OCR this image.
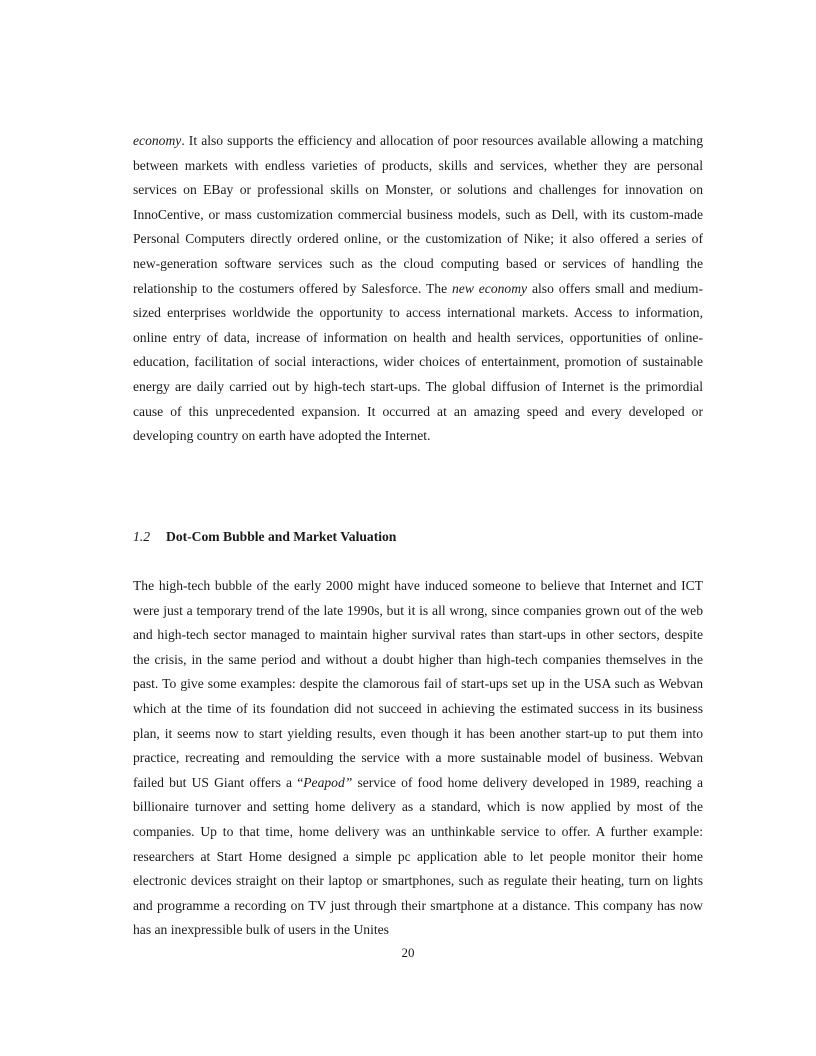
economy. It also supports the efficiency and allocation of poor resources available allowing a matching between markets with endless varieties of products, skills and services, whether they are personal services on EBay or professional skills on Monster, or solutions and challenges for innovation on InnoCentive, or mass customization commercial business models, such as Dell, with its custom-made Personal Computers directly ordered online, or the customization of Nike; it also offered a series of new-generation software services such as the cloud computing based or services of handling the relationship to the costumers offered by Salesforce. The new economy also offers small and medium-sized enterprises worldwide the opportunity to access international markets. Access to information, online entry of data, increase of information on health and health services, opportunities of online-education, facilitation of social interactions, wider choices of entertainment, promotion of sustainable energy are daily carried out by high-tech start-ups. The global diffusion of Internet is the primordial cause of this unprecedented expansion. It occurred at an amazing speed and every developed or developing country on earth have adopted the Internet.

1.2 Dot-Com Bubble and Market Valuation

The high-tech bubble of the early 2000 might have induced someone to believe that Internet and ICT were just a temporary trend of the late 1990s, but it is all wrong, since companies grown out of the web and high-tech sector managed to maintain higher survival rates than start-ups in other sectors, despite the crisis, in the same period and without a doubt higher than high-tech companies themselves in the past. To give some examples: despite the clamorous fail of start-ups set up in the USA such as Webvan which at the time of its foundation did not succeed in achieving the estimated success in its business plan, it seems now to start yielding results, even though it has been another start-up to put them into practice, recreating and remoulding the service with a more sustainable model of business. Webvan failed but US Giant offers a “Peapod” service of food home delivery developed in 1989, reaching a billionaire turnover and setting home delivery as a standard, which is now applied by most of the companies. Up to that time, home delivery was an unthinkable service to offer. A further example: researchers at Start Home designed a simple pc application able to let people monitor their home electronic devices straight on their laptop or smartphones, such as regulate their heating, turn on lights and programme a recording on TV just through their smartphone at a distance. This company has now has an inexpressible bulk of users in the Unites

20
